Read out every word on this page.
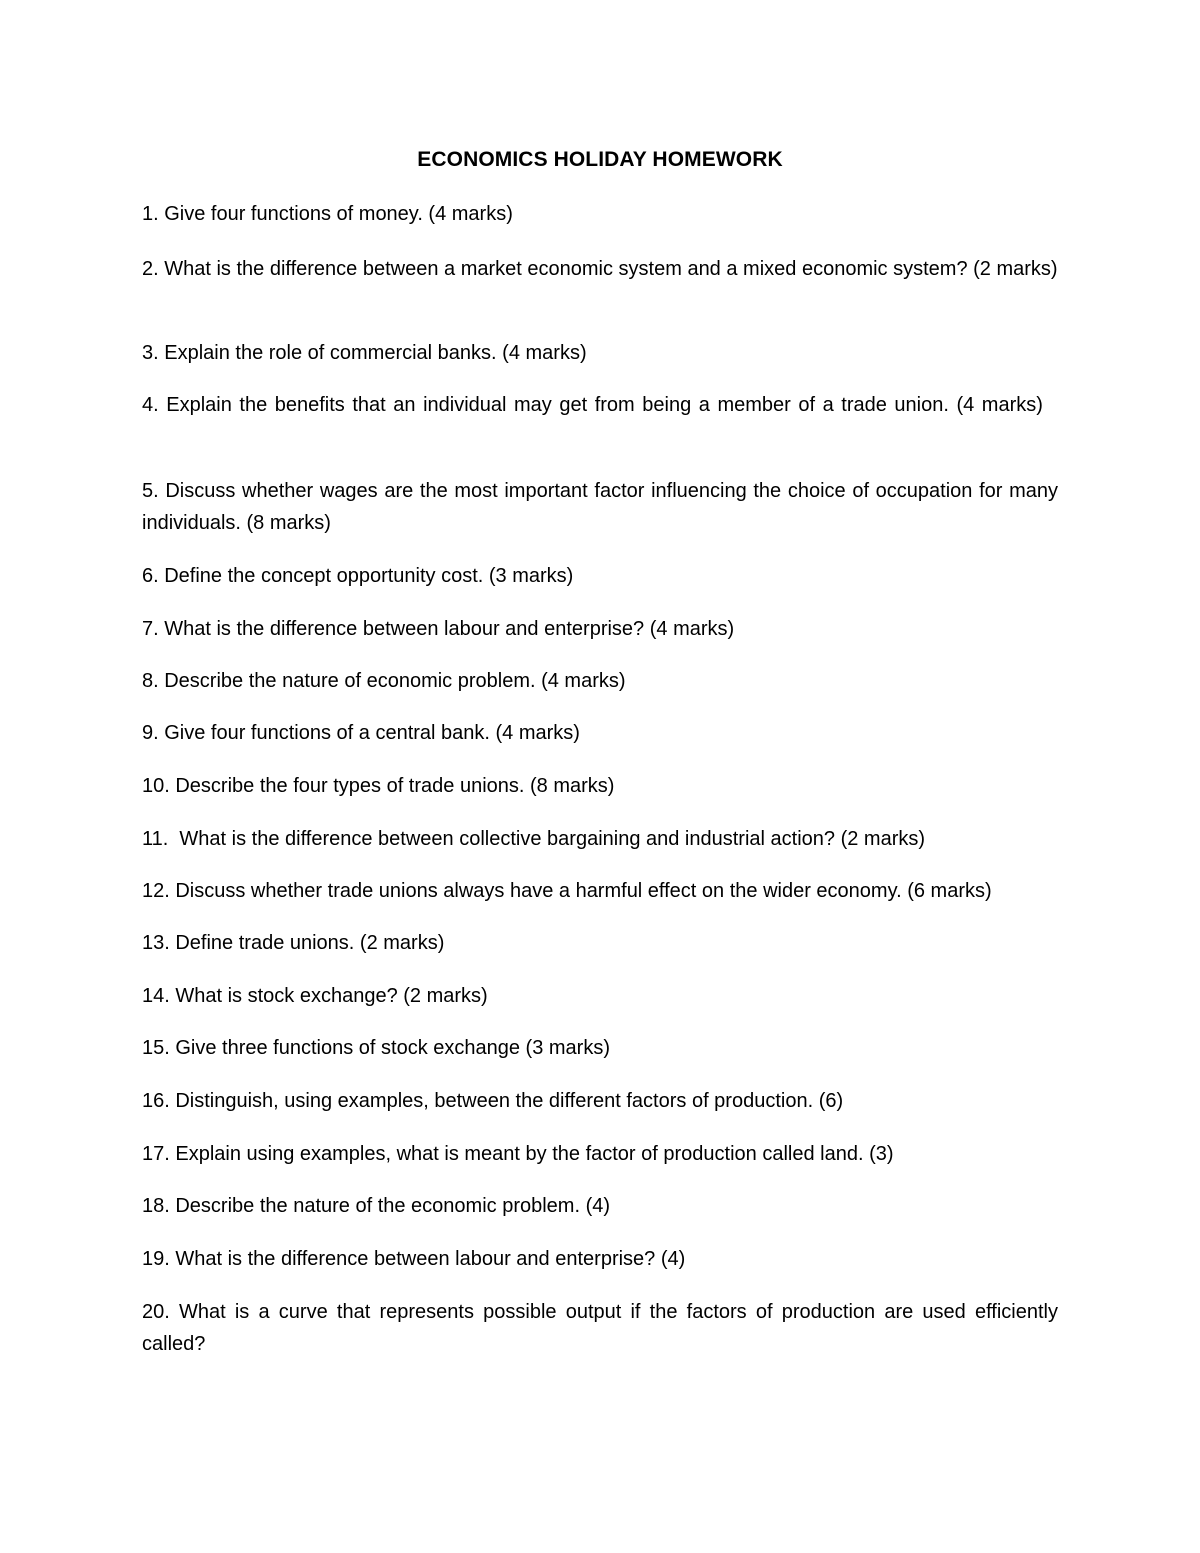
ECONOMICS HOLIDAY HOMEWORK

1. Give four functions of money. (4 marks)

2. What is the difference between a market economic system and a mixed economic system? (2 marks)

3. Explain the role of commercial banks. (4 marks)

4. Explain the benefits that an individual may get from being a member of a trade union. (4 marks)

5. Discuss whether wages are the most important factor influencing the choice of occupation for many individuals. (8 marks)

6. Define the concept opportunity cost. (3 marks)

7. What is the difference between labour and enterprise? (4 marks)

8. Describe the nature of economic problem. (4 marks)

9. Give four functions of a central bank. (4 marks)

10. Describe the four types of trade unions. (8 marks)

11.  What is the difference between collective bargaining and industrial action? (2 marks)

12. Discuss whether trade unions always have a harmful effect on the wider economy. (6 marks)

13. Define trade unions. (2 marks)

14. What is stock exchange? (2 marks)

15. Give three functions of stock exchange (3 marks)

16. Distinguish, using examples, between the different factors of production. (6)

17. Explain using examples, what is meant by the factor of production called land. (3)

18. Describe the nature of the economic problem. (4)

19. What is the difference between labour and enterprise? (4)

20. What is a curve that represents possible output if the factors of production are used efficiently called?
